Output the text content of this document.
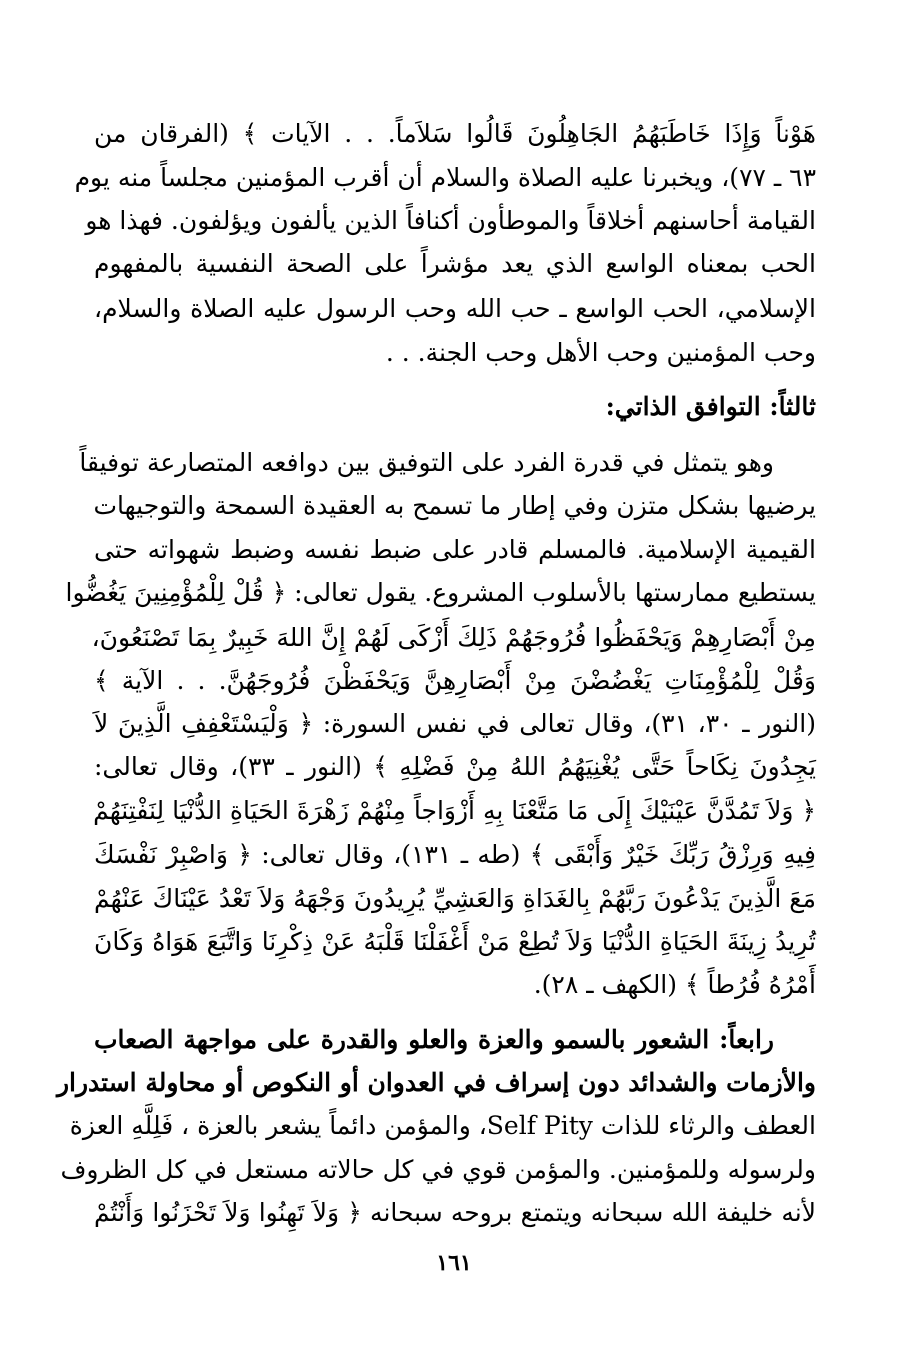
هَوْناً وَإِذَا خَاطَبَهُمُ الجَاهِلُونَ قَالُوا سَلاَماً. . . الآيات ﴾ (الفرقان من
٦٣ ـ ٧٧)، ويخبرنا عليه الصلاة والسلام أن أقرب المؤمنين مجلساً منه يوم
القيامة أحاسنهم أخلاقاً والموطأون أكنافاً الذين يألفون ويؤلفون. فهذا هو
الحب بمعناه الواسع الذي يعد مؤشراً على الصحة النفسية بالمفهوم
الإسلامي، الحب الواسع ـ حب الله وحب الرسول عليه الصلاة والسلام،
وحب المؤمنين وحب الأهل وحب الجنة. . .
ثالثاً: التوافق الذاتي:
وهو يتمثل في قدرة الفرد على التوفيق بين دوافعه المتصارعة توفيقاً
يرضيها بشكل متزن وفي إطار ما تسمح به العقيدة السمحة والتوجيهات
القيمية الإسلامية. فالمسلم قادر على ضبط نفسه وضبط شهواته حتى
يستطيع ممارستها بالأسلوب المشروع. يقول تعالى: ﴿ قُلْ لِلْمُؤْمِنِينَ يَغُضُّوا
مِنْ أَبْصَارِهِمْ وَيَحْفَظُوا فُرُوجَهُمْ ذَلِكَ أَزْكَى لَهُمْ إِنَّ اللهَ خَبِيرٌ بِمَا تَصْنَعُونَ،
وَقُلْ لِلْمُؤْمِنَاتِ يَغْضُضْنَ مِنْ أَبْصَارِهِنَّ وَيَحْفَظْنَ فُرُوجَهُنَّ. . . الآية ﴾
(النور ـ ٣٠، ٣١)، وقال تعالى في نفس السورة: ﴿ وَلْيَسْتَعْفِفِ الَّذِينَ لاَ
يَجِدُونَ نِكَاحاً حَتَّى يُغْنِيَهُمُ اللهُ مِنْ فَضْلِهِ ﴾ (النور ـ ٣٣)، وقال تعالى:
﴿ وَلاَ تَمُدَّنَّ عَيْنَيْكَ إِلَى مَا مَتَّعْنَا بِهِ أَزْوَاجاً مِنْهُمْ زَهْرَةَ الحَيَاةِ الدُّنْيَا لِنَفْتِنَهُمْ
فِيهِ وَرِزْقُ رَبِّكَ خَيْرٌ وَأَبْقَى ﴾ (طه ـ ١٣١)، وقال تعالى: ﴿ وَاصْبِرْ نَفْسَكَ
مَعَ الَّذِينَ يَدْعُونَ رَبَّهُمْ بِالغَدَاةِ وَالعَشِيِّ يُرِيدُونَ وَجْهَهُ وَلاَ تَعْدُ عَيْنَاكَ عَنْهُمْ
تُرِيدُ زِينَةَ الحَيَاةِ الدُّنْيَا وَلاَ تُطِعْ مَنْ أَغْفَلْنَا قَلْبَهُ عَنْ ذِكْرِنَا وَاتَّبَعَ هَوَاهُ وَكَانَ
أَمْرُهُ فُرُطاً ﴾ (الكهف ـ ٢٨).
رابعاً: الشعور بالسمو والعزة والعلو والقدرة على مواجهة الصعاب
والأزمات والشدائد دون إسراف في العدوان أو النكوص أو محاولة استدرار
العطف والرثاء للذات Self Pity، والمؤمن دائماً يشعر بالعزة ، فَلِلَّهِ العزة
ولرسوله وللمؤمنين. والمؤمن قوي في كل حالاته مستعل في كل الظروف
لأنه خليفة الله سبحانه ويتمتع بروحه سبحانه ﴿ وَلاَ تَهِنُوا وَلاَ تَحْزَنُوا وَأَنْتُمْ
١٦١
